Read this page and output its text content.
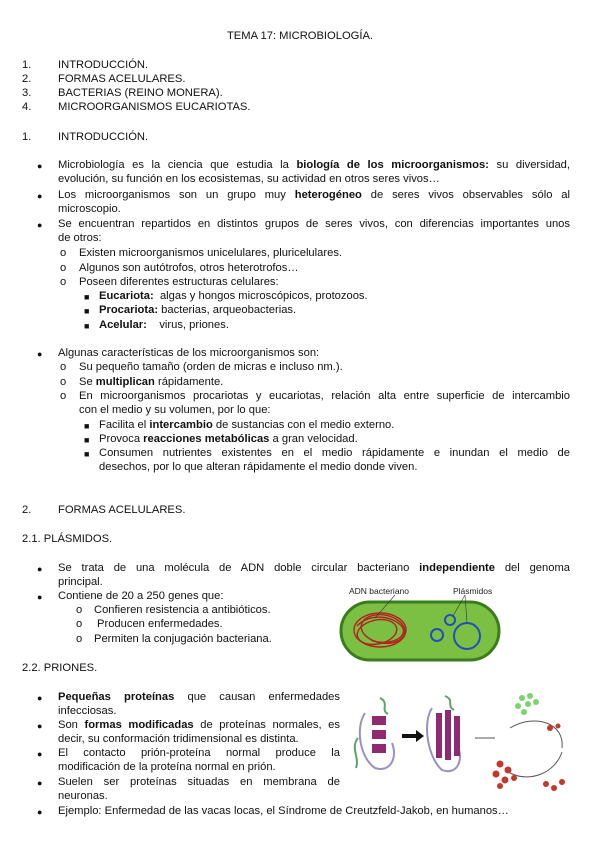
TEMA 17: MICROBIOLOGÍA.
1.	INTRODUCCIÓN.
2. FORMAS ACELULARES.
3. BACTERIAS (REINO MONERA).
4. MICROORGANISMOS EUCARIOTAS.
1. INTRODUCCIÓN.
● Microbiología es la ciencia que estudia la biología de los microorganismos: su diversidad,
evolución, su función en los ecosistemas, su actividad en otros seres vivos…
● Los microorganismos son un grupo muy heterogéneo de seres vivos observables sólo al
microscopio.
● Se encuentran repartidos en distintos grupos de seres vivos, con diferencias importantes unos
de otros:
o Existen microorganismos unicelulares, pluricelulares.
o Algunos son autótrofos, otros heterotrofos…
o Poseen diferentes estructuras celulares:
■ Eucariota: algas y hongos microscópicos, protozoos.
■ Procariota: bacterias, arqueobacterias.
■ Acelular: virus, priones.
● Algunas características de los microorganismos son:
o Su pequeño tamaño (orden de micras e incluso nm.).
o Se multiplican rápidamente.
o En microorganismos procariotas y eucariotas, relación alta entre superficie de intercambio
con el medio y su volumen, por lo que:
■ Facilita el intercambio de sustancias con el medio externo.
■ Provoca reacciones metabólicas a gran velocidad.
■ Consumen nutrientes existentes en el medio rápidamente e inundan el medio de
desechos, por lo que alteran rápidamente el medio donde viven.
2. FORMAS ACELULARES.
2.1. PLÁSMIDOS.
● Se trata de una molécula de ADN doble circular bacteriano independiente del genoma
principal.
● Contiene de 20 a 250 genes que:
o Confieren resistencia a antibióticos.
o Producen enfermedades.
o Permiten la conjugación bacteriana.
ADN bacteriano	Plásmidos
2.2. PRIONES.
● Pequeñas proteínas que causan enfermedades
infecciosas.
● Son formas modificadas de proteínas normales, es
decir, su conformación tridimensional es distinta.
● El contacto prión-proteína normal produce la
modificación de la proteína normal en prión.
● Suelen ser proteínas situadas en membrana de
neuronas.
● Ejemplo: Enfermedad de las vacas locas, el Síndrome de Creutzfeld-Jakob, en humanos…
